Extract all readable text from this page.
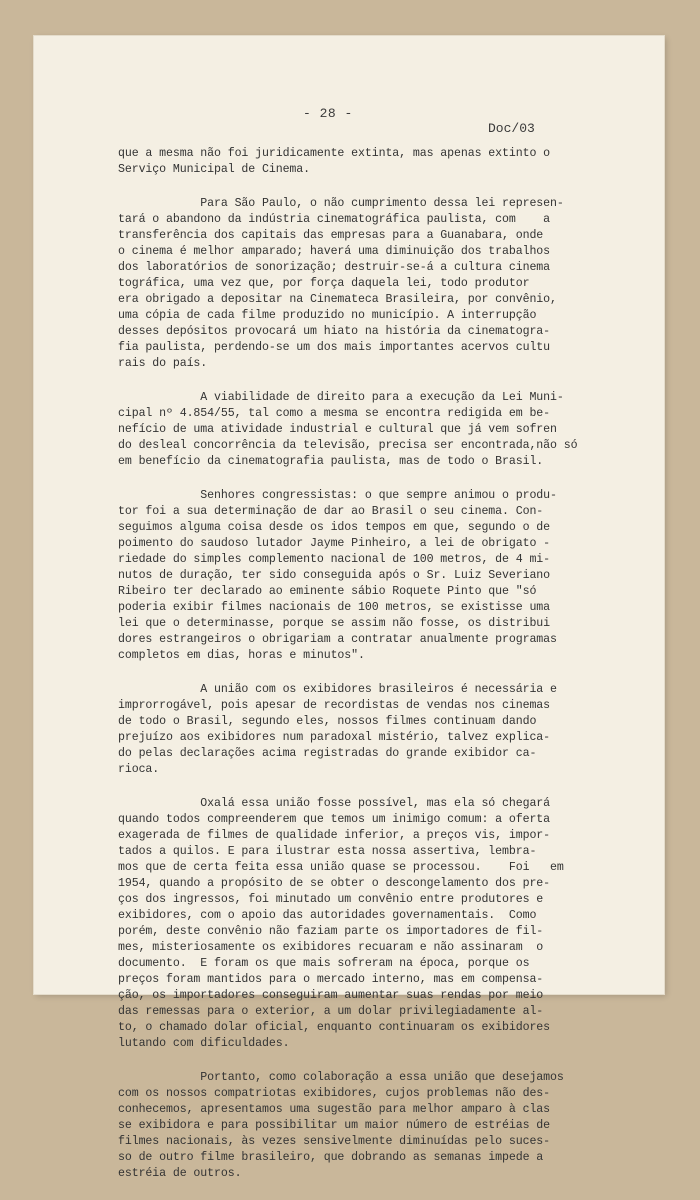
- 28 -
Doc/03
que a mesma não foi juridicamente extinta, mas apenas extinto o
Serviço Municipal de Cinema.
Para São Paulo, o não cumprimento dessa lei represen-
tará o abandono da indústria cinematográfica paulista, com    a
transferência dos capitais das empresas para a Guanabara, onde
o cinema é melhor amparado; haverá uma diminuição dos trabalhos
dos laboratórios de sonorização; destruir-se-á a cultura cinema
tográfica, uma vez que, por força daquela lei, todo produtor
era obrigado a depositar na Cinemateca Brasileira, por convênio,
uma cópia de cada filme produzido no município. A interrupção
desses depósitos provocará um hiato na história da cinematogra-
fia paulista, perdendo-se um dos mais importantes acervos cultu
rais do país.
A viabilidade de direito para a execução da Lei Muni-
cipal nº 4.854/55, tal como a mesma se encontra redigida em be-
nefício de uma atividade industrial e cultural que já vem sofren
do desleal concorrência da televisão, precisa ser encontrada,não só
em benefício da cinematografia paulista, mas de todo o Brasil.
Senhores congressistas: o que sempre animou o produ-
tor foi a sua determinação de dar ao Brasil o seu cinema. Con-
seguimos alguma coisa desde os idos tempos em que, segundo o de
poimento do saudoso lutador Jayme Pinheiro, a lei de obrigato -
riedade do simples complemento nacional de 100 metros, de 4 mi-
nutos de duração, ter sido conseguida após o Sr. Luiz Severiano
Ribeiro ter declarado ao eminente sábio Roquete Pinto que "só
poderia exibir filmes nacionais de 100 metros, se existisse uma
lei que o determinasse, porque se assim não fosse, os distribui
dores estrangeiros o obrigariam a contratar anualmente programas
completos em dias, horas e minutos".
A união com os exibidores brasileiros é necessária e
improrrogável, pois apesar de recordistas de vendas nos cinemas
de todo o Brasil, segundo eles, nossos filmes continuam dando
prejuízo aos exibidores num paradoxal mistério, talvez explica-
do pelas declarações acima registradas do grande exibidor ca-
rioca.
Oxalá essa união fosse possível, mas ela só chegará
quando todos compreenderem que temos um inimigo comum: a oferta
exagerada de filmes de qualidade inferior, a preços vis, impor-
tados a quilos. E para ilustrar esta nossa assertiva, lembra-
mos que de certa feita essa união quase se processou.    Foi   em
1954, quando a propósito de se obter o descongelamento dos pre-
ços dos ingressos, foi minutado um convênio entre produtores e
exibidores, com o apoio das autoridades governamentais.  Como
porém, deste convênio não faziam parte os importadores de fil-
mes, misteriosamente os exibidores recuaram e não assinaram  o
documento.  E foram os que mais sofreram na época, porque os
preços foram mantidos para o mercado interno, mas em compensa-
ção, os importadores conseguiram aumentar suas rendas por meio
das remessas para o exterior, a um dolar privilegiadamente al-
to, o chamado dolar oficial, enquanto continuaram os exibidores
lutando com dificuldades.
Portanto, como colaboração a essa união que desejamos
com os nossos compatriotas exibidores, cujos problemas não des-
conhecemos, apresentamos uma sugestão para melhor amparo à clas
se exibidora e para possibilitar um maior número de estréias de
filmes nacionais, às vezes sensivelmente diminuídas pelo suces-
so de outro filme brasileiro, que dobrando as semanas impede a
estréia de outros.
